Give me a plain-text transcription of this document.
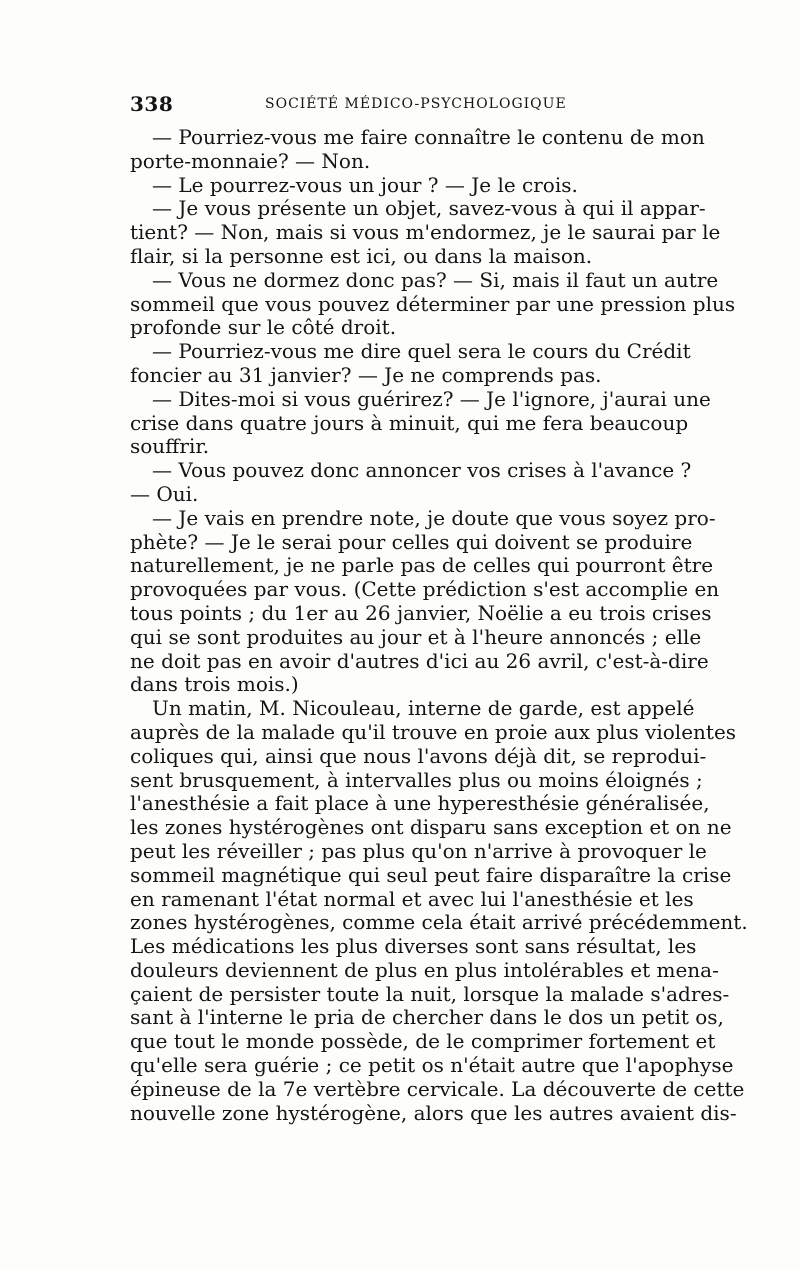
338	SOCIÉTÉ MÉDICO-PSYCHOLOGIQUE
— Pourriez-vous me faire connaître le contenu de mon
porte-monnaie? — Non.
— Le pourrez-vous un jour ? — Je le crois.
— Je vous présente un objet, savez-vous à qui il appar-
tient? — Non, mais si vous m'endormez, je le saurai par le
flair, si la personne est ici, ou dans la maison.
— Vous ne dormez donc pas? — Si, mais il faut un autre
sommeil que vous pouvez déterminer par une pression plus
profonde sur le côté droit.
— Pourriez-vous me dire quel sera le cours du Crédit
foncier au 31 janvier? — Je ne comprends pas.
— Dites-moi si vous guérirez? — Je l'ignore, j'aurai une
crise dans quatre jours à minuit, qui me fera beaucoup
souffrir.
— Vous pouvez donc annoncer vos crises à l'avance ?
— Oui.
— Je vais en prendre note, je doute que vous soyez pro-
phète? — Je le serai pour celles qui doivent se produire
naturellement, je ne parle pas de celles qui pourront être
provoquées par vous. (Cette prédiction s'est accomplie en
tous points ; du 1er au 26 janvier, Noëlie a eu trois crises
qui se sont produites au jour et à l'heure annoncés ; elle
ne doit pas en avoir d'autres d'ici au 26 avril, c'est-à-dire
dans trois mois.)
Un matin, M. Nicouleau, interne de garde, est appelé
auprès de la malade qu'il trouve en proie aux plus violentes
coliques qui, ainsi que nous l'avons déjà dit, se reprodui-
sent brusquement, à intervalles plus ou moins éloignés ;
l'anesthésie a fait place à une hyperesthésie généralisée,
les zones hystérogènes ont disparu sans exception et on ne
peut les réveiller ; pas plus qu'on n'arrive à provoquer le
sommeil magnétique qui seul peut faire disparaître la crise
en ramenant l'état normal et avec lui l'anesthésie et les
zones hystérogènes, comme cela était arrivé précédemment.
Les médications les plus diverses sont sans résultat, les
douleurs deviennent de plus en plus intolérables et mena-
çaient de persister toute la nuit, lorsque la malade s'adres-
sant à l'interne le pria de chercher dans le dos un petit os,
que tout le monde possède, de le comprimer fortement et
qu'elle sera guérie ; ce petit os n'était autre que l'apophyse
épineuse de la 7e vertèbre cervicale. La découverte de cette
nouvelle zone hystérogène, alors que les autres avaient dis-
